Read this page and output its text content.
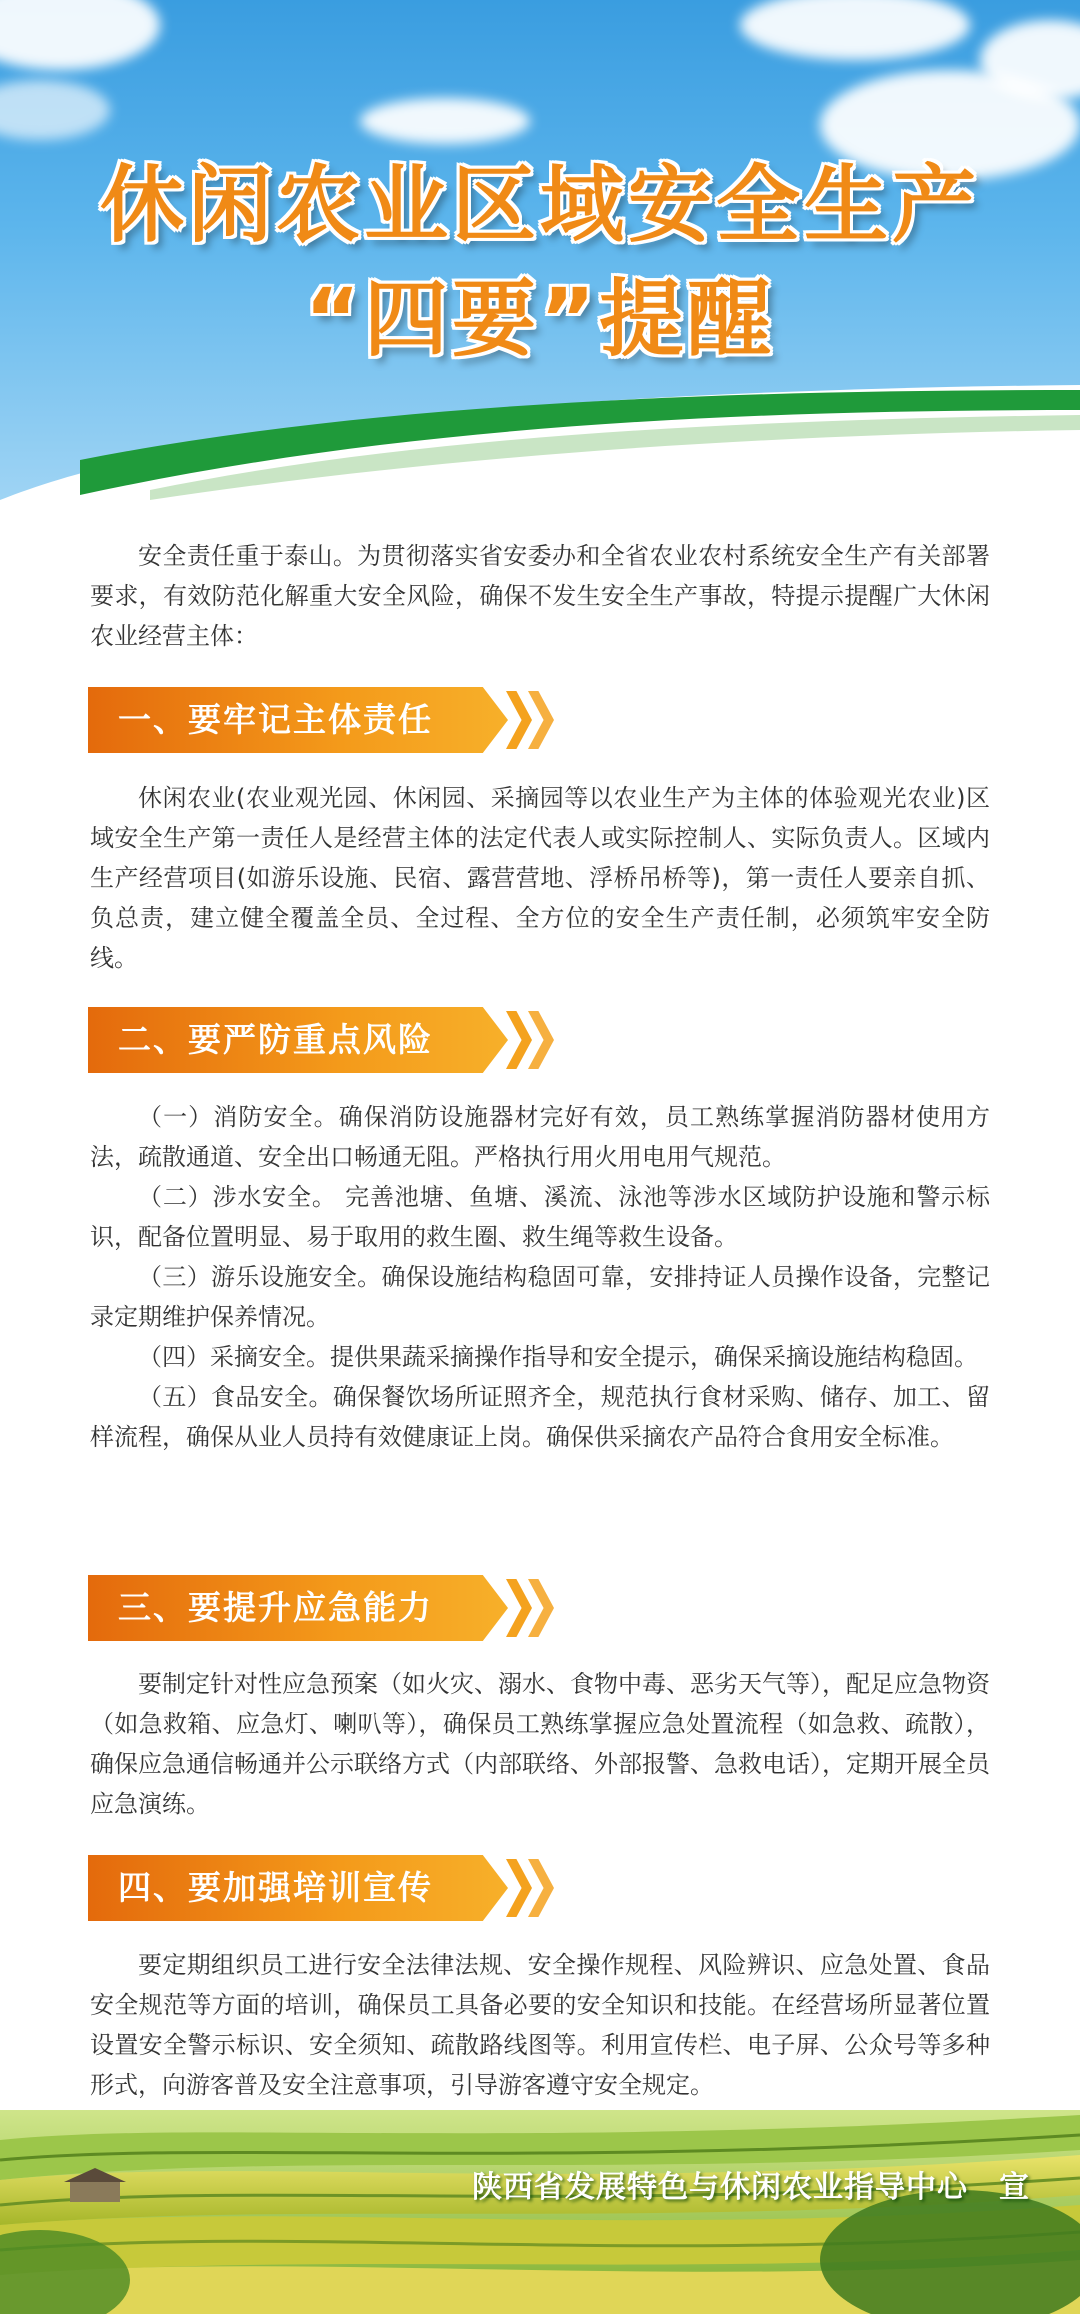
休闲农业区域安全生产
“四要”提醒

安全责任重于泰山。为贯彻落实省安委办和全省农业农村系统安全生产有关部署要求，有效防范化解重大安全风险，确保不发生安全生产事故，特提示提醒广大休闲农业经营主体：

一、要牢记主体责任

休闲农业(农业观光园、休闲园、采摘园等以农业生产为主体的体验观光农业)区域安全生产第一责任人是经营主体的法定代表人或实际控制人、实际负责人。区域内生产经营项目(如游乐设施、民宿、露营营地、浮桥吊桥等)，第一责任人要亲自抓、负总责，建立健全覆盖全员、全过程、全方位的安全生产责任制，必须筑牢安全防线。

二、要严防重点风险

（一）消防安全。确保消防设施器材完好有效，员工熟练掌握消防器材使用方法，疏散通道、安全出口畅通无阻。严格执行用火用电用气规范。

（二）涉水安全。 完善池塘、鱼塘、溪流、泳池等涉水区域防护设施和警示标识，配备位置明显、易于取用的救生圈、救生绳等救生设备。

（三）游乐设施安全。确保设施结构稳固可靠，安排持证人员操作设备，完整记录定期维护保养情况。

（四）采摘安全。提供果蔬采摘操作指导和安全提示，确保采摘设施结构稳固。

（五）食品安全。确保餐饮场所证照齐全，规范执行食材采购、储存、加工、留样流程，确保从业人员持有效健康证上岗。确保供采摘农产品符合食用安全标准。

三、要提升应急能力

要制定针对性应急预案（如火灾、溺水、食物中毒、恶劣天气等），配足应急物资（如急救箱、应急灯、喇叭等），确保员工熟练掌握应急处置流程（如急救、疏散），确保应急通信畅通并公示联络方式（内部联络、外部报警、急救电话），定期开展全员应急演练。

四、要加强培训宣传

要定期组织员工进行安全法律法规、安全操作规程、风险辨识、应急处置、食品安全规范等方面的培训，确保员工具备必要的安全知识和技能。在经营场所显著位置设置安全警示标识、安全须知、疏散路线图等。利用宣传栏、电子屏、公众号等多种形式，向游客普及安全注意事项，引导游客遵守安全规定。

陕西省发展特色与休闲农业指导中心　宣
